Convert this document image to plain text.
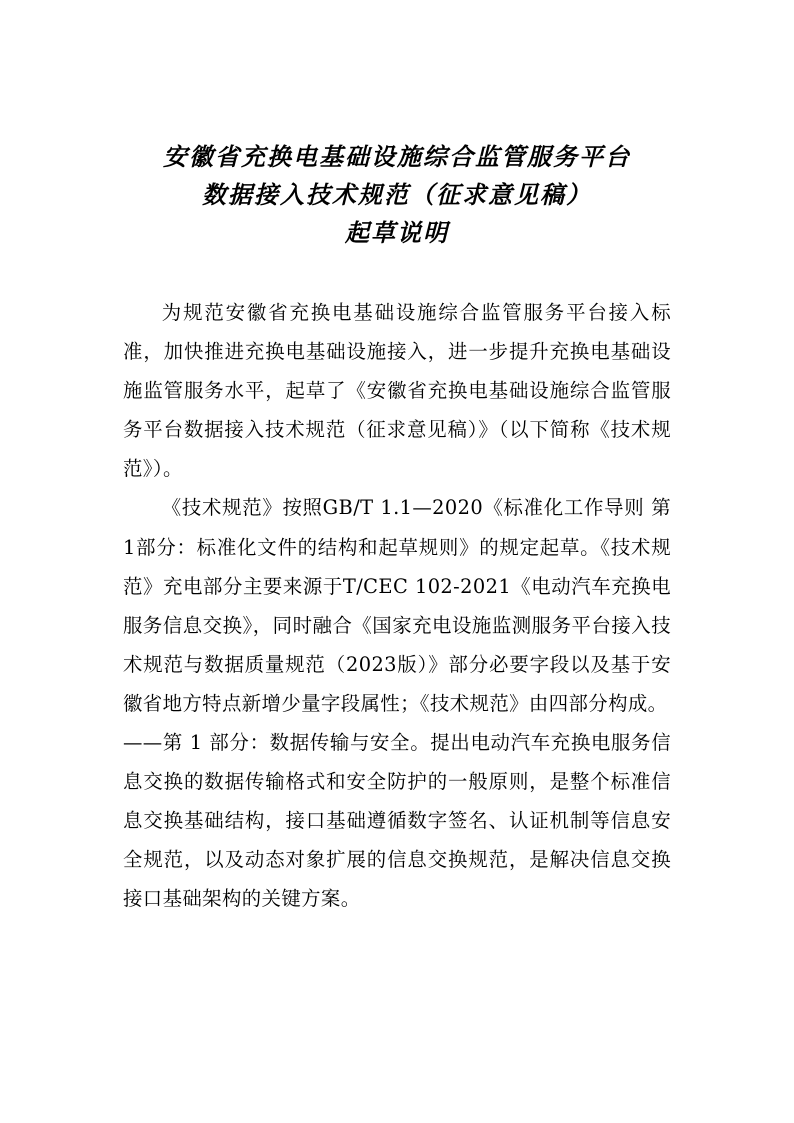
安徽省充换电基础设施综合监管服务平台
数据接入技术规范（征求意见稿）
起草说明

为规范安徽省充换电基础设施综合监管服务平台接入标准，加快推进充换电基础设施接入，进一步提升充换电基础设施监管服务水平，起草了《安徽省充换电基础设施综合监管服务平台数据接入技术规范（征求意见稿）》（以下简称《技术规范》）。

《技术规范》按照GB/T 1.1—2020《标准化工作导则 第1部分：标准化文件的结构和起草规则》的规定起草。《技术规范》充电部分主要来源于T/CEC 102-2021《电动汽车充换电服务信息交换》，同时融合《国家充电设施监测服务平台接入技术规范与数据质量规范（2023版）》部分必要字段以及基于安徽省地方特点新增少量字段属性；《技术规范》由四部分构成。

——第 1 部分：数据传输与安全。提出电动汽车充换电服务信息交换的数据传输格式和安全防护的一般原则，是整个标准信息交换基础结构，接口基础遵循数字签名、认证机制等信息安全规范，以及动态对象扩展的信息交换规范，是解决信息交换接口基础架构的关键方案。
